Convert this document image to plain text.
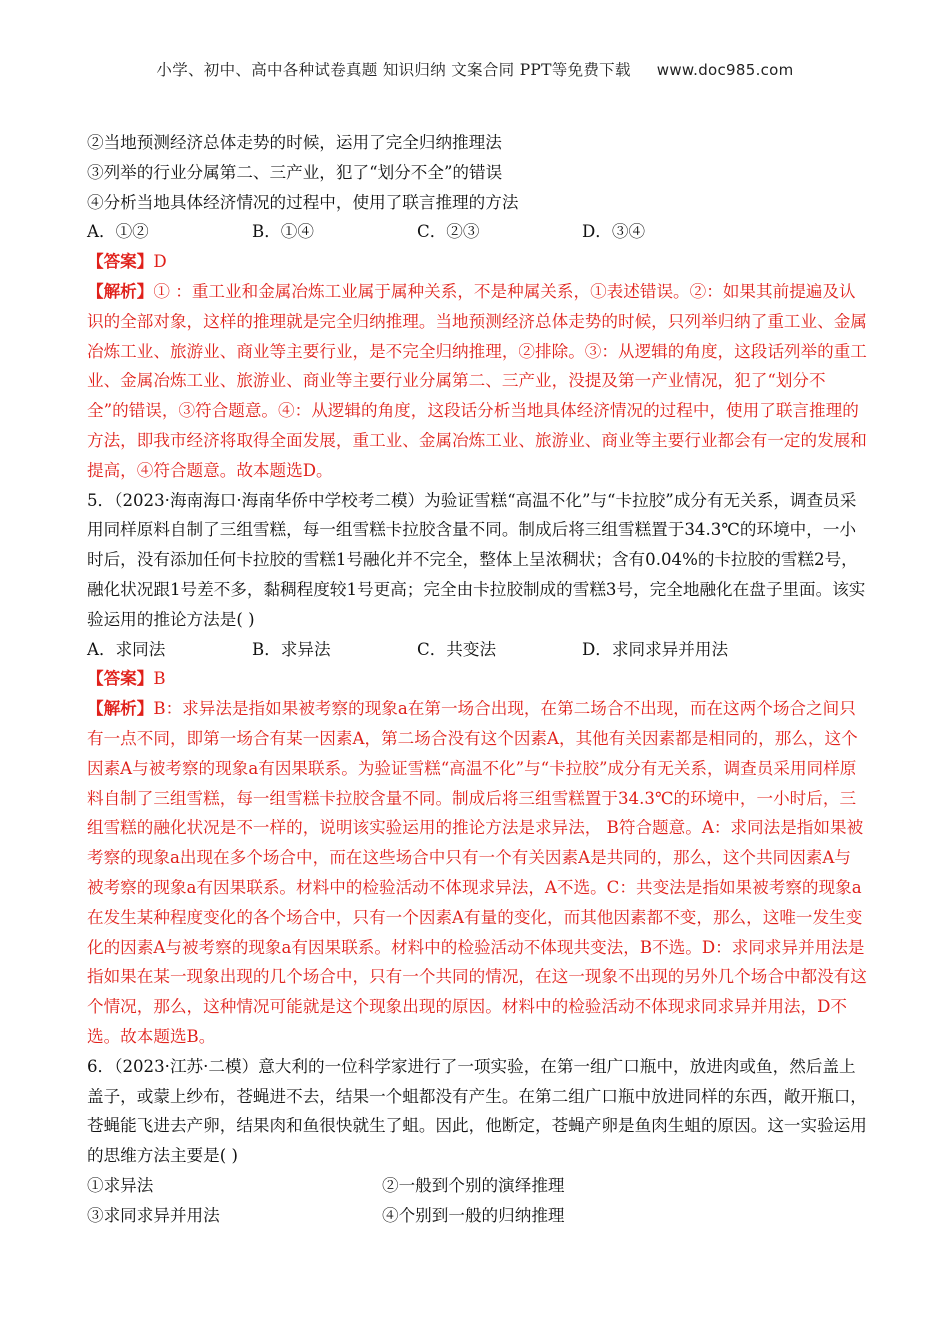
小学、初中、高中各种试卷真题 知识归纳 文案合同 PPT等免费下载 www.doc985.com

②当地预测经济总体走势的时候，运用了完全归纳推理法

③列举的行业分属第二、三产业，犯了“划分不全”的错误

④分析当地具体经济情况的过程中，使用了联言推理的方法

A．①②	B．①④	C．②③	D．③④

【答案】D

【解析】① ：重工业和金属冶炼工业属于属种关系，不是种属关系，①表述错误。②：如果其前提遍及认识的全部对象，这样的推理就是完全归纳推理。当地预测经济总体走势的时候，只列举归纳了重工业、金属冶炼工业、旅游业、商业等主要行业，是不完全归纳推理，②排除。③：从逻辑的角度，这段话列举的重工业、金属冶炼工业、旅游业、商业等主要行业分属第二、三产业，没提及第一产业情况，犯了“划分不全”的错误，③符合题意。④：从逻辑的角度，这段话分析当地具体经济情况的过程中，使用了联言推理的方法，即我市经济将取得全面发展，重工业、金属冶炼工业、旅游业、商业等主要行业都会有一定的发展和提高，④符合题意。故本题选D。

5．（2023·海南海口·海南华侨中学校考二模）为验证雪糕“高温不化”与“卡拉胶”成分有无关系，调查员采用同样原料自制了三组雪糕，每一组雪糕卡拉胶含量不同。制成后将三组雪糕置于34.3℃的环境中，一小时后，没有添加任何卡拉胶的雪糕1号融化并不完全，整体上呈浓稠状；含有0.04%的卡拉胶的雪糕2号，融化状况跟1号差不多，黏稠程度较1号更高；完全由卡拉胶制成的雪糕3号，完全地融化在盘子里面。该实验运用的推论方法是( )

A．求同法	B．求异法	C．共变法	D．求同求异并用法

【答案】B

【解析】B：求异法是指如果被考察的现象a在第一场合出现，在第二场合不出现，而在这两个场合之间只有一点不同，即第一场合有某一因素A，第二场合没有这个因素A，其他有关因素都是相同的，那么，这个因素A与被考察的现象a有因果联系。为验证雪糕“高温不化”与“卡拉胶”成分有无关系，调查员采用同样原料自制了三组雪糕，每一组雪糕卡拉胶含量不同。制成后将三组雪糕置于34.3℃的环境中，一小时后，三组雪糕的融化状况是不一样的，说明该实验运用的推论方法是求异法， B符合题意。A：求同法是指如果被考察的现象a出现在多个场合中，而在这些场合中只有一个有关因素A是共同的，那么，这个共同因素A与被考察的现象a有因果联系。材料中的检验活动不体现求异法，A不选。C：共变法是指如果被考察的现象a在发生某种程度变化的各个场合中，只有一个因素A有量的变化，而其他因素都不变，那么，这唯一发生变化的因素A与被考察的现象a有因果联系。材料中的检验活动不体现共变法，B不选。D：求同求异并用法是指如果在某一现象出现的几个场合中，只有一个共同的情况，在这一现象不出现的另外几个场合中都没有这个情况，那么，这种情况可能就是这个现象出现的原因。材料中的检验活动不体现求同求异并用法，D不选。故本题选B。

6．（2023·江苏·二模）意大利的一位科学家进行了一项实验，在第一组广口瓶中，放进肉或鱼，然后盖上盖子，或蒙上纱布，苍蝇进不去，结果一个蛆都没有产生。在第二组广口瓶中放进同样的东西，敞开瓶口，苍蝇能飞进去产卵，结果肉和鱼很快就生了蛆。因此，他断定，苍蝇产卵是鱼肉生蛆的原因。这一实验运用的思维方法主要是( )

①求异法	②一般到个别的演绎推理
③求同求异并用法	④个别到一般的归纳推理
